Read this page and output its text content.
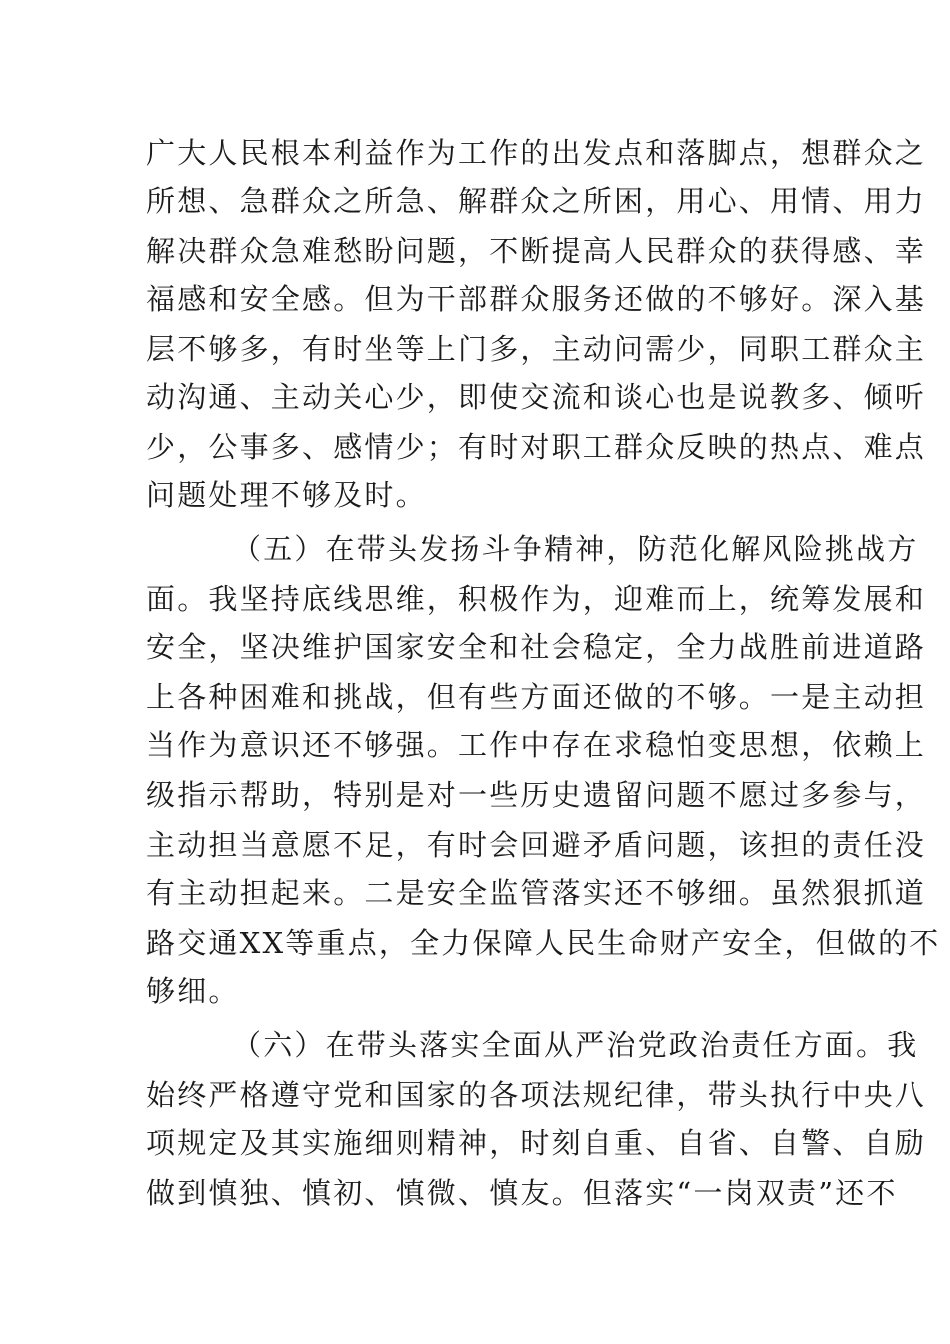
广大人民根本利益作为工作的出发点和落脚点，想群众之
所想、急群众之所急、解群众之所困，用心、用情、用力
解决群众急难愁盼问题，不断提高人民群众的获得感、幸
福感和安全感。但为干部群众服务还做的不够好。深入基
层不够多，有时坐等上门多，主动问需少，同职工群众主
动沟通、主动关心少，即使交流和谈心也是说教多、倾听
少，公事多、感情少；有时对职工群众反映的热点、难点
问题处理不够及时。
（五）在带头发扬斗争精神，防范化解风险挑战方
面。我坚持底线思维，积极作为，迎难而上，统筹发展和
安全，坚决维护国家安全和社会稳定，全力战胜前进道路
上各种困难和挑战，但有些方面还做的不够。一是主动担
当作为意识还不够强。工作中存在求稳怕变思想，依赖上
级指示帮助，特别是对一些历史遗留问题不愿过多参与，
主动担当意愿不足，有时会回避矛盾问题，该担的责任没
有主动担起来。二是安全监管落实还不够细。虽然狠抓道
路交通XX等重点，全力保障人民生命财产安全，但做的不
够细。
（六）在带头落实全面从严治党政治责任方面。我
始终严格遵守党和国家的各项法规纪律，带头执行中央八
项规定及其实施细则精神，时刻自重、自省、自警、自励
做到慎独、慎初、慎微、慎友。但落实“一岗双责”还不
